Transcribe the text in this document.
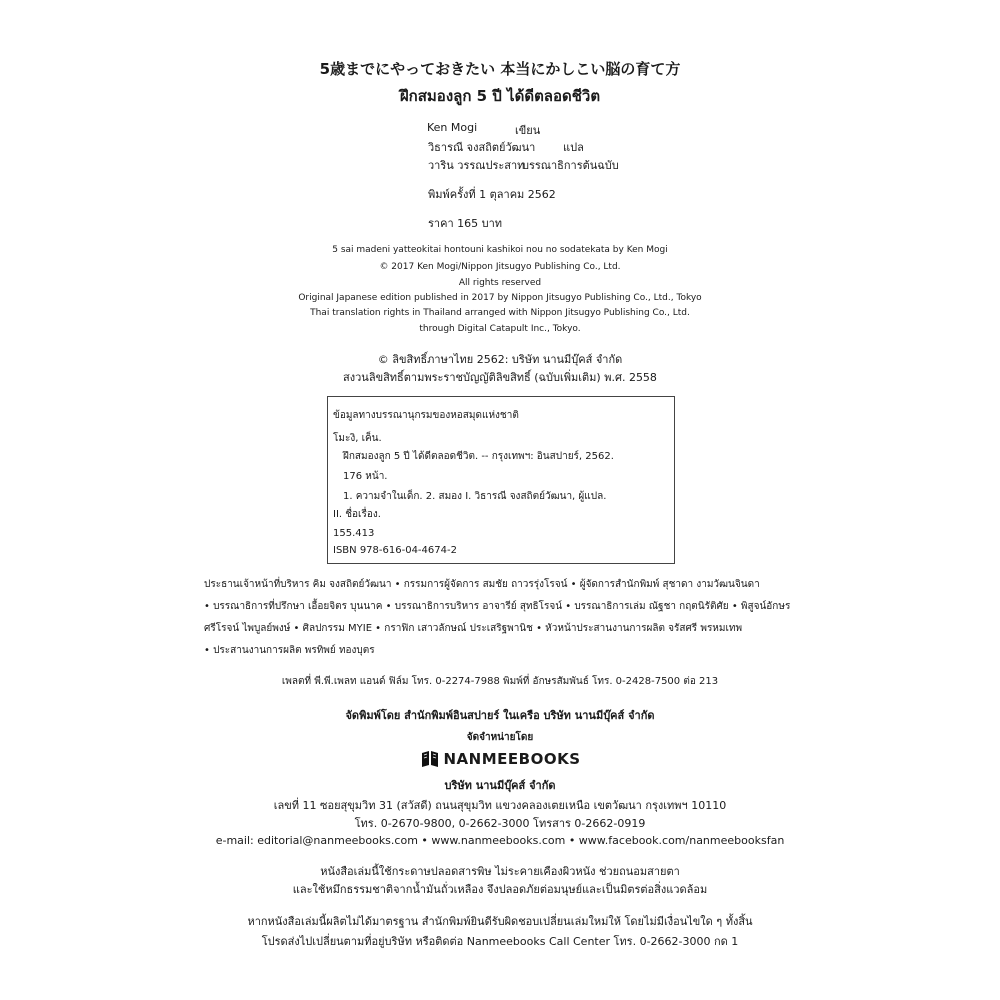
5歳までにやっておきたい 本当にかしこい脳の育て方
ฝึกสมองลูก 5 ปี ได้ดีตลอดชีวิต
Ken Mogi	เขียน
วิธารณี จงสถิตย์วัฒนา	แปล
วาริน วรรณประสาท
บรรณาธิการต้นฉบับ
พิมพ์ครั้งที่ 1 ตุลาคม 2562
ราคา 165 บาท
5 sai madeni yatteokitai hontouni kashikoi nou no sodatekata by Ken Mogi
© 2017 Ken Mogi/Nippon Jitsugyo Publishing Co., Ltd.
All rights reserved
Original Japanese edition published in 2017 by Nippon Jitsugyo Publishing Co., Ltd., Tokyo
Thai translation rights in Thailand arranged with Nippon Jitsugyo Publishing Co., Ltd.
through Digital Catapult Inc., Tokyo.
© ลิขสิทธิ์ภาษาไทย 2562: บริษัท นานมีบุ๊คส์ จำกัด
สงวนลิขสิทธิ์ตามพระราชบัญญัติลิขสิทธิ์ (ฉบับเพิ่มเติม) พ.ศ. 2558
ข้อมูลทางบรรณานุกรมของหอสมุดแห่งชาติ
โมะงิ, เค็น.
ฝึกสมองลูก 5 ปี ได้ดีตลอดชีวิต. -- กรุงเทพฯ: อินสปายร์, 2562.
176 หน้า.
1. ความจำในเด็ก. 2. สมอง I. วิธารณี จงสถิตย์วัฒนา, ผู้แปล.
II. ชื่อเรื่อง.
155.413
ISBN 978-616-04-4674-2
ประธานเจ้าหน้าที่บริหาร คิม จงสถิตย์วัฒนา • กรรมการผู้จัดการ สมชัย ถาวรรุ่งโรจน์ • ผู้จัดการสำนักพิมพ์ สุชาดา งามวัฒนจินดา
• บรรณาธิการที่ปรึกษา เอื้อยจิตร บุนนาค • บรรณาธิการบริหาร อาจารีย์ สุทธิโรจน์ • บรรณาธิการเล่ม ณัฐชา กฤตนิรัติศัย • พิสูจน์อักษร
ศรีโรจน์ ไพบูลย์พงษ์ • ศิลปกรรม MYIE • กราฟิก เสาวลักษณ์ ประเสริฐพานิช • หัวหน้าประสานงานการผลิต จรัสศรี พรหมเทพ
• ประสานงานการผลิต พรทิพย์ ทองบุตร
เพลตที่ พี.พี.เพลท แอนด์ ฟิล์ม โทร. 0-2274-7988 พิมพ์ที่ อักษรสัมพันธ์ โทร. 0-2428-7500 ต่อ 213
จัดพิมพ์โดย สำนักพิมพ์อินสปายร์ ในเครือ บริษัท นานมีบุ๊คส์ จำกัด
จัดจำหน่ายโดย
NANMEEBOOKS
บริษัท นานมีบุ๊คส์ จำกัด
เลขที่ 11 ซอยสุขุมวิท 31 (สวัสดี) ถนนสุขุมวิท แขวงคลองเตยเหนือ เขตวัฒนา กรุงเทพฯ 10110
โทร. 0-2670-9800, 0-2662-3000 โทรสาร 0-2662-0919
e-mail: editorial@nanmeebooks.com • www.nanmeebooks.com • www.facebook.com/nanmeebooksfan
หนังสือเล่มนี้ใช้กระดาษปลอดสารพิษ ไม่ระคายเคืองผิวหนัง ช่วยถนอมสายตา
และใช้หมึกธรรมชาติจากน้ำมันถั่วเหลือง จึงปลอดภัยต่อมนุษย์และเป็นมิตรต่อสิ่งแวดล้อม
หากหนังสือเล่มนี้ผลิตไม่ได้มาตรฐาน สำนักพิมพ์ยินดีรับผิดชอบเปลี่ยนเล่มใหม่ให้ โดยไม่มีเงื่อนไขใด ๆ ทั้งสิ้น
โปรดส่งไปเปลี่ยนตามที่อยู่บริษัท หรือติดต่อ Nanmeebooks Call Center โทร. 0-2662-3000 กด 1
